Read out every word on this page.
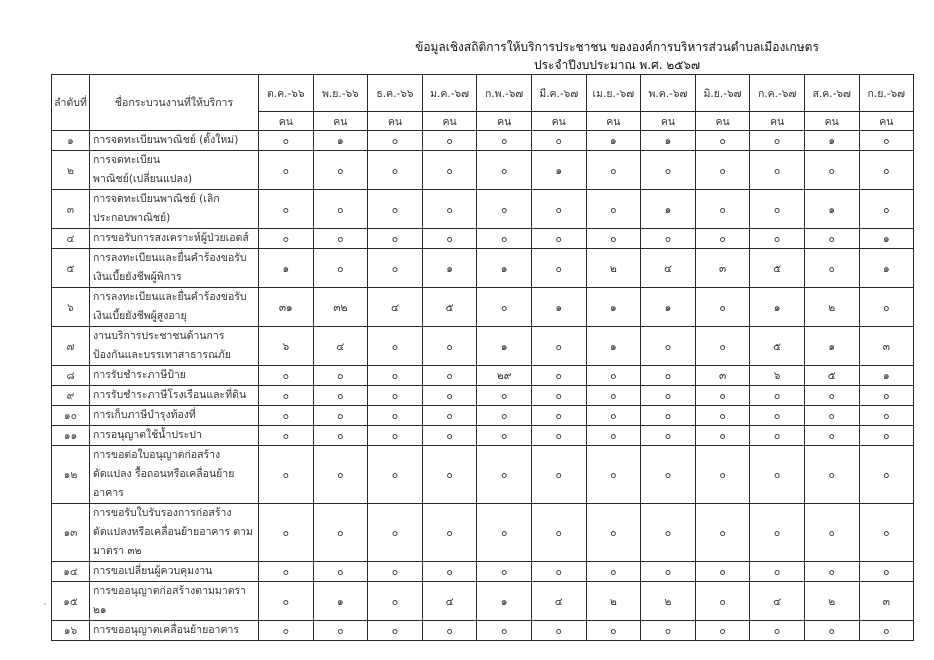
ข้อมูลเชิงสถิติการให้บริการประชาชน ขององค์การบริหารส่วนตำบลเมืองเกษตร
ประจำปีงบประมาณ พ.ศ. ๒๕๖๗
ลำดับที่	ชื่อกระบวนงานที่ให้บริการ	ต.ค.-๖๖	พ.ย.-๖๖	ธ.ค.-๖๖	ม.ค.-๖๗	ก.พ.-๖๗	มี.ค.-๖๗	เม.ย.-๖๗	พ.ค.-๖๗	มิ.ย.-๖๗	ก.ค.-๖๗	ส.ค.-๖๗	ก.ย.-๖๗
		คน	คน	คน	คน	คน	คน	คน	คน	คน	คน	คน	คน
๑	การจดทะเบียนพาณิชย์ (ตั้งใหม่)	๐	๑	๐	๐	๐	๐	๑	๑	๐	๐	๑	๐
๒	การจดทะเบียนพาณิชย์(เปลี่ยนแปลง)	๐	๐	๐	๐	๐	๑	๐	๐	๐	๐	๐	๐
๓	การจดทะเบียนพาณิชย์ (เลิกประกอบพาณิชย์)	๐	๐	๐	๐	๐	๐	๐	๑	๐	๐	๑	๐
๔	การขอรับการสงเคราะห์ผู้ป่วยเอดส์	๐	๐	๐	๐	๐	๐	๐	๐	๐	๐	๐	๑
๕	การลงทะเบียนและยื่นคำร้องขอรับเงินเบี้ยยังชีพผู้พิการ	๑	๐	๐	๑	๑	๐	๒	๔	๓	๕	๐	๑
๖	การลงทะเบียนและยื่นคำร้องขอรับเงินเบี้ยยังชีพผู้สูงอายุ	๓๑	๓๒	๔	๕	๐	๑	๑	๑	๐	๑	๒	๐
๗	งานบริการประชาชนด้านการป้องกันและบรรเทาสาธารณภัย	๖	๔	๐	๐	๑	๐	๑	๐	๐	๕	๑	๓
๘	การรับชำระภาษีป้าย	๐	๐	๐	๐	๒๙	๐	๐	๐	๓	๖	๕	๑
๙	การรับชำระภาษีโรงเรือนและที่ดิน	๐	๐	๐	๐	๐	๐	๐	๐	๐	๐	๐	๐
๑๐	การเก็บภาษีบำรุงท้องที่	๐	๐	๐	๐	๐	๐	๐	๐	๐	๐	๐	๐
๑๑	การอนุญาตใช้น้ำประปา	๐	๐	๐	๐	๐	๐	๐	๐	๐	๐	๐	๐
๑๒	การขอต่อใบอนุญาตก่อสร้าง ดัดแปลง รื้อถอนหรือเคลื่อนย้ายอาคาร	๐	๐	๐	๐	๐	๐	๐	๐	๐	๐	๐	๐
๑๓	การขอรับใบรับรองการก่อสร้าง ดัดแปลงหรือเคลื่อนย้ายอาคาร ตามมาตรา ๓๒	๐	๐	๐	๐	๐	๐	๐	๐	๐	๐	๐	๐
๑๔	การขอเปลี่ยนผู้ควบคุมงาน	๐	๐	๐	๐	๐	๐	๐	๐	๐	๐	๐	๐
๑๕	การขออนุญาตก่อสร้างตามมาตรา ๒๑	๐	๑	๐	๔	๑	๔	๒	๒	๐	๔	๒	๓
๑๖	การขออนุญาตเคลื่อนย้ายอาคาร	๐	๐	๐	๐	๐	๐	๐	๐	๐	๐	๐	๐
